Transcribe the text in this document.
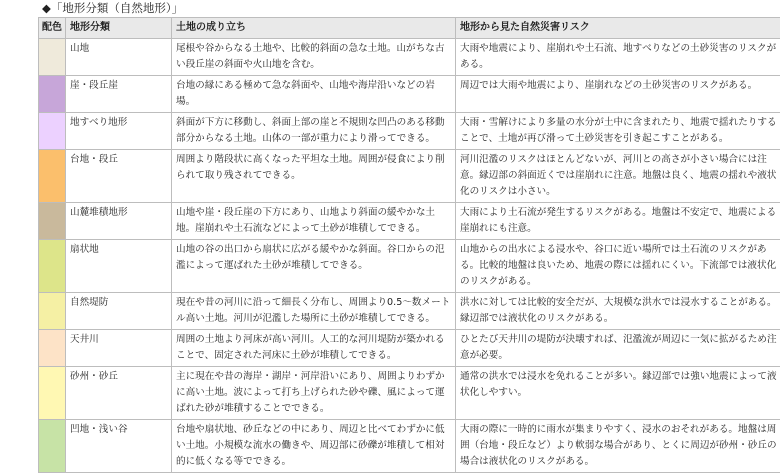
◆「地形分類（自然地形）」
配色	地形分類	土地の成り立ち	地形から見た自然災害リスク
	山地	尾根や谷からなる土地や、比較的斜面の急な土地。山がちな古い段丘崖の斜面や火山地を含む。	大雨や地震により、崖崩れや土石流、地すべりなどの土砂災害のリスクがある。
	崖・段丘崖	台地の縁にある極めて急な斜面や、山地や海岸沿いなどの岩場。	周辺では大雨や地震により、崖崩れなどの土砂災害のリスクがある。
	地すべり地形	斜面が下方に移動し、斜面上部の崖と不規則な凹凸のある移動部分からなる土地。山体の一部が重力により滑ってできる。	大雨・雪解けにより多量の水分が土中に含まれたり、地震で揺れたりすることで、土地が再び滑って土砂災害を引き起こすことがある。
	台地・段丘	周囲より階段状に高くなった平坦な土地。周囲が侵食により削られて取り残されてできる。	河川氾濫のリスクはほとんどないが、河川との高さが小さい場合には注意。縁辺部の斜面近くでは崖崩れに注意。地盤は良く、地震の揺れや液状化のリスクは小さい。
	山麓堆積地形	山地や崖・段丘崖の下方にあり、山地より斜面の緩やかな土地。崖崩れや土石流などによって土砂が堆積してできる。	大雨により土石流が発生するリスクがある。地盤は不安定で、地震による崖崩れにも注意。
	扇状地	山地の谷の出口から扇状に広がる緩やかな斜面。谷口からの氾濫によって運ばれた土砂が堆積してできる。	山地からの出水による浸水や、谷口に近い場所では土石流のリスクがある。比較的地盤は良いため、地震の際には揺れにくい。下流部では液状化のリスクがある。
	自然堤防	現在や昔の河川に沿って細長く分布し、周囲より0.5～数メートル高い土地。河川が氾濫した場所に土砂が堆積してできる。	洪水に対しては比較的安全だが、大規模な洪水では浸水することがある。縁辺部では液状化のリスクがある。
	天井川	周囲の土地より河床が高い河川。人工的な河川堤防が築かれることで、固定された河床に土砂が堆積してできる。	ひとたび天井川の堤防が決壊すれば、氾濫流が周辺に一気に拡がるため注意が必要。
	砂州・砂丘	主に現在や昔の海岸・湖岸・河岸沿いにあり、周囲よりわずかに高い土地。波によって打ち上げられた砂や礫、風によって運ばれた砂が堆積することでできる。	通常の洪水では浸水を免れることが多い。縁辺部では強い地震によって液状化しやすい。
	凹地・浅い谷	台地や扇状地、砂丘などの中にあり、周辺と比べてわずかに低い土地。小規模な流水の働きや、周辺部に砂礫が堆積して相対的に低くなる等でできる。	大雨の際に一時的に雨水が集まりやすく、浸水のおそれがある。地盤は周囲（台地・段丘など）より軟弱な場合があり、とくに周辺が砂州・砂丘の場合は液状化のリスクがある。
